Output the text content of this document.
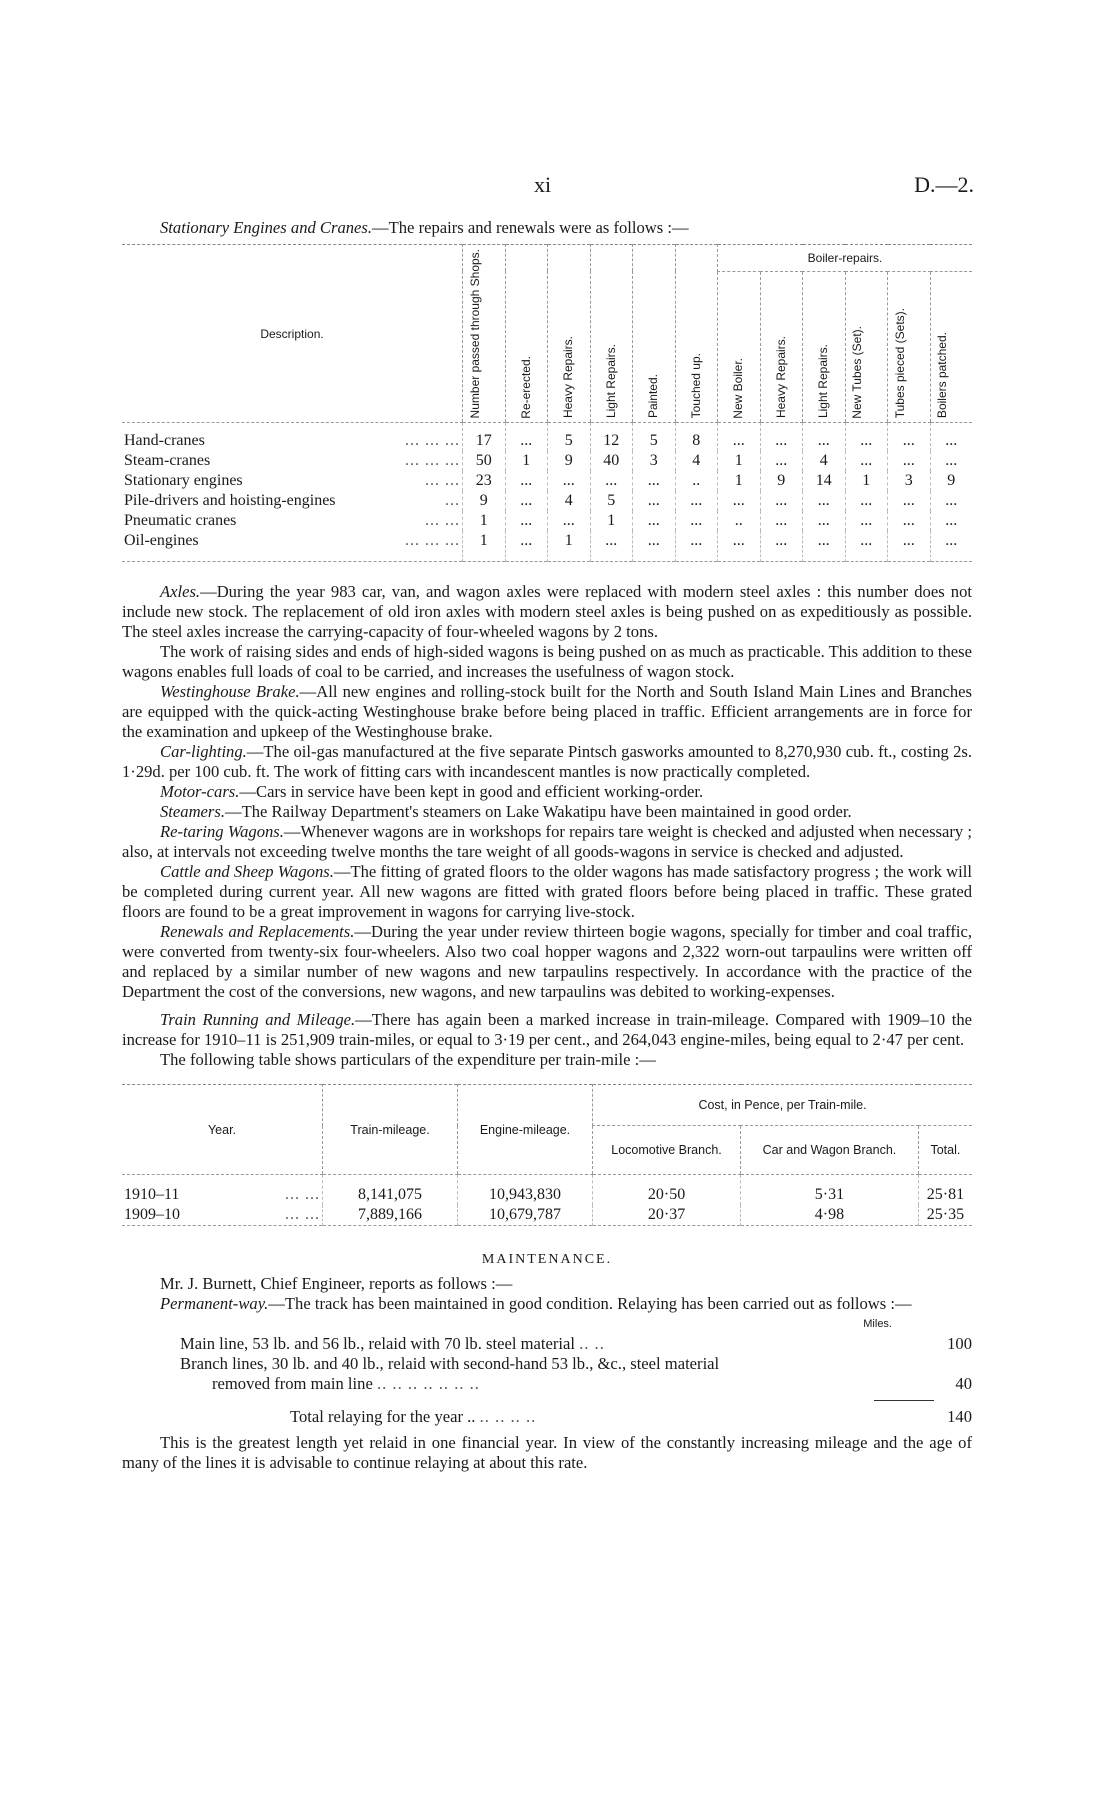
xi	D.—2.

Stationary Engines and Cranes.—The repairs and renewals were as follows :—

Description.	Number passed through Shops.	Re-erected.	Heavy Repairs.	Light Repairs.	Painted.	Touched up.	Boiler-repairs.					

							New Boiler.	Heavy Repairs.	Light Repairs.	New Tubes (Set).	Tubes pieced (Sets).	Boilers patched.

Hand-cranes ... ... ...	17	...	5	12	5	8	...	...	...	...	...	...
Steam-cranes ... ... ...	50	1	9	40	3	4	1	...	4	...	...	...
Stationary engines ... ...	23	...	...	...	...	..	1	9	14	1	3	9
Pile-drivers and hoisting-engines ...	9	...	4	5	...	...	...	...	...	...	...	...
Pneumatic cranes ... ...	1	...	...	1	...	...	..	...	...	...	...	...
Oil-engines ... ... ...	1	...	1	...	...	...	...	...	...	...	...	...

Axles.—During the year 983 car, van, and wagon axles were replaced with modern steel axles : this number does not include new stock. The replacement of old iron axles with modern steel axles is being pushed on as expeditiously as possible. The steel axles increase the carrying-capacity of four-wheeled wagons by 2 tons.

The work of raising sides and ends of high-sided wagons is being pushed on as much as practicable. This addition to these wagons enables full loads of coal to be carried, and increases the usefulness of wagon stock.

Westinghouse Brake.—All new engines and rolling-stock built for the North and South Island Main Lines and Branches are equipped with the quick-acting Westinghouse brake before being placed in traffic. Efficient arrangements are in force for the examination and upkeep of the Westinghouse brake.

Car-lighting.—The oil-gas manufactured at the five separate Pintsch gasworks amounted to 8,270,930 cub. ft., costing 2s. 1·29d. per 100 cub. ft. The work of fitting cars with incandescent mantles is now practically completed.

Motor-cars.—Cars in service have been kept in good and efficient working-order.

Steamers.—The Railway Department's steamers on Lake Wakatipu have been maintained in good order.

Re-taring Wagons.—Whenever wagons are in workshops for repairs tare weight is checked and adjusted when necessary ; also, at intervals not exceeding twelve months the tare weight of all goods-wagons in service is checked and adjusted.

Cattle and Sheep Wagons.—The fitting of grated floors to the older wagons has made satisfactory progress ; the work will be completed during current year. All new wagons are fitted with grated floors before being placed in traffic. These grated floors are found to be a great improvement in wagons for carrying live-stock.

Renewals and Replacements.—During the year under review thirteen bogie wagons, specially for timber and coal traffic, were converted from twenty-six four-wheelers. Also two coal hopper wagons and 2,322 worn-out tarpaulins were written off and replaced by a similar number of new wagons and new tarpaulins respectively. In accordance with the practice of the Department the cost of the conversions, new wagons, and new tarpaulins was debited to working-expenses.

Train Running and Mileage.—There has again been a marked increase in train-mileage. Compared with 1909–10 the increase for 1910–11 is 251,909 train-miles, or equal to 3·19 per cent., and 264,043 engine-miles, being equal to 2·47 per cent.

The following table shows particulars of the expenditure per train-mile :—

Year.	Train-mileage.	Engine-mileage.	Cost, in Pence, per Train-mile.		
			Locomotive Branch.	Car and Wagon Branch.	Total.
1910–11 ... ...	8,141,075	10,943,830	20·50	5·31	25·81
1909–10 ... ...	7,889,166	10,679,787	20·37	4·98	25·35
MAINTENANCE.

Mr. J. Burnett, Chief Engineer, reports as follows :—

Permanent-way.—The track has been maintained in good condition. Relaying has been carried out as follows :—

Miles.
Main line, 53 lb. and 56 lb., relaid with 70 lb. steel material .. ..	100
Branch lines, 30 lb. and 40 lb., relaid with second-hand 53 lb., &c., steel material
removed from main line .. .. .. .. .. .. ..	40
Total relaying for the year .. .. .. .. ..	140

This is the greatest length yet relaid in one financial year. In view of the constantly increasing mileage and the age of many of the lines it is advisable to continue relaying at about this rate.
